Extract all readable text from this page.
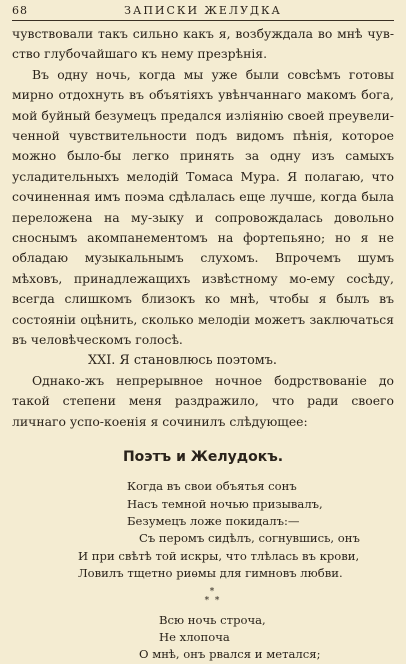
68	ЗАПИСКИ ЖЕЛУДКА

чувствовали такъ сильно какъ я, возбуждала во мнѣ чув-ство глубочайшаго къ нему презрѣнія.

Въ одну ночь, когда мы уже были совсѣмъ готовы мирно отдохнуть въ объятіяхъ увѣнчаннаго макомъ бога, мой буйный безумецъ предался изліянію своей преувели-ченной чувствительности подъ видомъ пѣнія, которое можно было-бы легко принять за одну изъ самыхъ усладительныхъ мелодій Томаса Мура. Я полагаю, что сочиненная имъ поэма сдѣлалась еще лучше, когда была переложена на му-зыку и сопровождалась довольно сноснымъ акомпанементомъ на фортепьяно; но я не обладаю музыкальнымъ слухомъ. Впрочемъ шумъ мѣховъ, принадлежащихъ извѣстному мо-ему сосѣду, всегда слишкомъ близокъ ко мнѣ, чтобы я былъ въ состояніи оцѣнить, сколько мелодіи можетъ заключаться въ человѣческомъ голосѣ.

XXI. Я становлюсь поэтомъ.

Однако-жъ непрерывное ночное бодрствованіе до такой степени меня раздражило, что ради своего личнаго успо-коенія я сочинилъ слѣдующее:

Поэтъ и Желудокъ.
Когда въ свои объятья сонъ
Насъ темной ночью призывалъ,
Безумецъ ложе покидалъ:—
Съ перомъ сидѣлъ, согнувшись, онъ
И при свѣтѣ той искры, что тлѣлась въ крови,
Ловилъ тщетно риѳмы для гимновъ любви.
*
*  *
Всю ночь строча,
Не хлопоча
О мнѣ, онъ рвался и метался;
